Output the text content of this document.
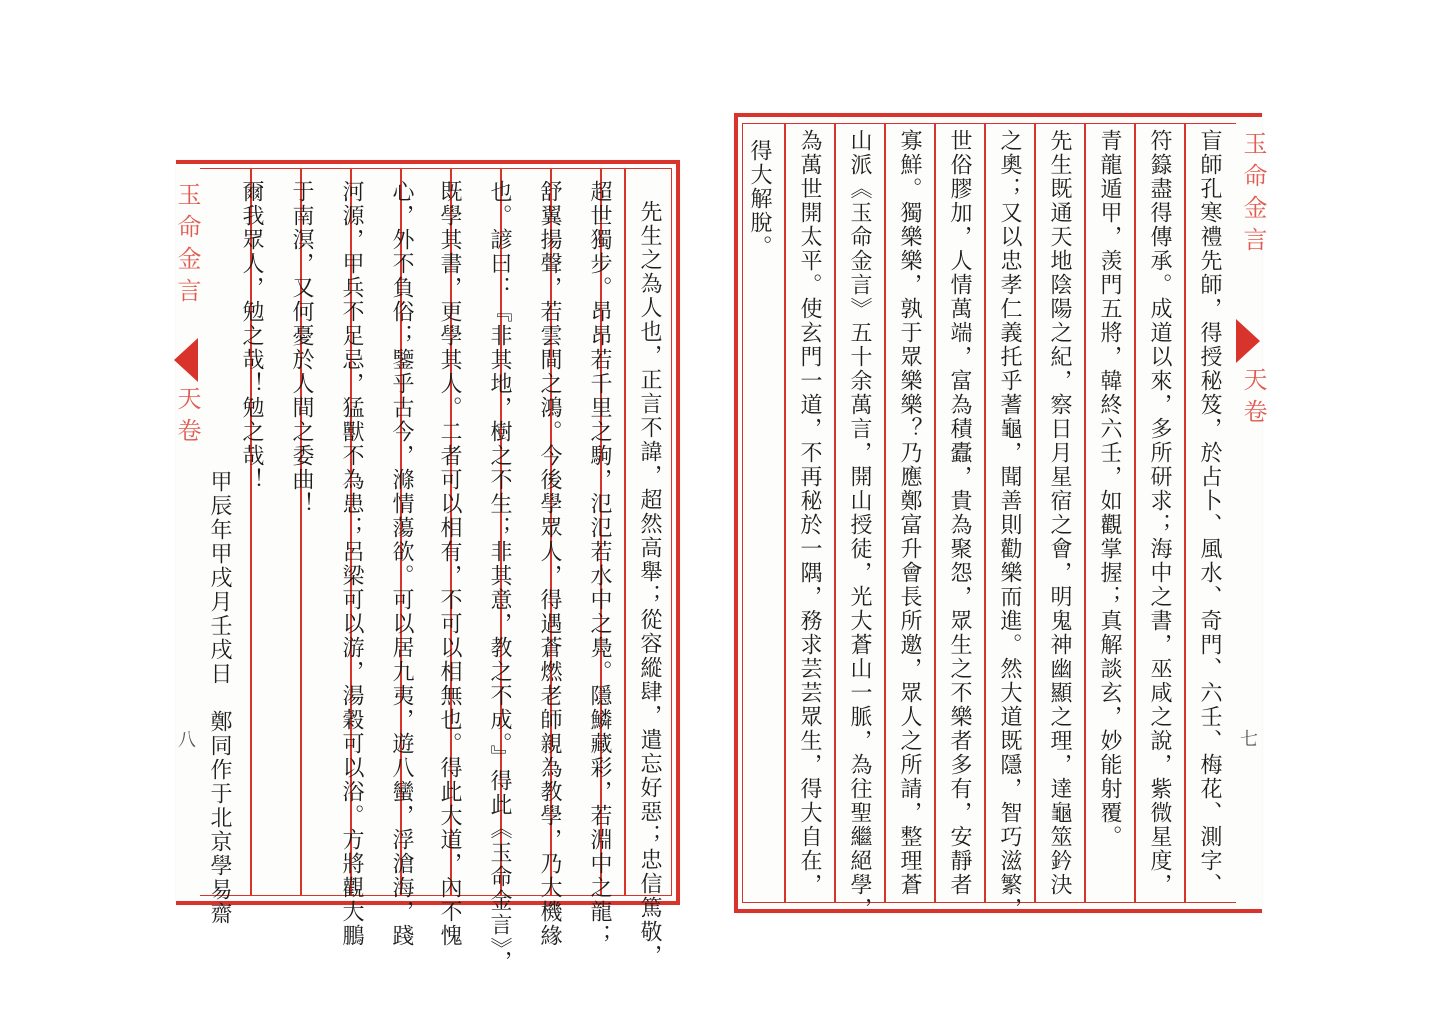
玉命金言
天卷
八	先生之為人也，正言不諱，超然高舉；從容縱肆，遣忘好惡；忠信篤敬，
超世獨步。昂昂若千里之駒，氾氾若水中之鳧。隱鱗藏彩，若淵中之龍；
舒翼揚聲，若雲間之鴻。今後學眾人，得遇蒼燃老師親為教學，乃大機緣
也。諺曰：『非其地，樹之不生；非其意，教之不成。』得此《玉命金言》，
既學其書，更學其人。二者可以相有，不可以相無也。得此大道，內不愧
心，外不負俗；鑒乎古今，滌情蕩欲。可以居九夷，遊八蠻，浮滄海，踐
河源，甲兵不足忌，猛獸不為患；呂梁可以游，湯穀可以浴。方將觀大鵬
于南溟，又何憂於人間之委曲！
爾我眾人，勉之哉！勉之哉！
甲辰年甲戌月壬戌日　鄭同作于北京學易齋
玉命金言
天卷
七
盲師孔寒禮先師，得授秘笈，於占卜、風水、奇門、六壬、梅花、測字、
符籙盡得傳承。成道以來，多所研求；海中之書，巫咸之說，紫微星度，
青龍遁甲，羡門五將，韓終六壬，如觀掌握；真解談玄，妙能射覆。
先生既通天地陰陽之紀，察日月星宿之會，明鬼神幽顯之理，達龜筮鈐決
之奧；又以忠孝仁義托乎蓍龜，聞善則勸樂而進。然大道既隱，智巧滋繁，
世俗膠加，人情萬端，富為積蠹，貴為聚怨，眾生之不樂者多有，安靜者
寡鮮。獨樂樂，孰于眾樂樂？乃應鄭富升會長所邀，眾人之所請，整理蒼
山派《玉命金言》五十余萬言，開山授徒，光大蒼山一脈，為往聖繼絕學，
為萬世開太平。使玄門一道，不再秘於一隅，務求芸芸眾生，得大自在，
得大解脫。
